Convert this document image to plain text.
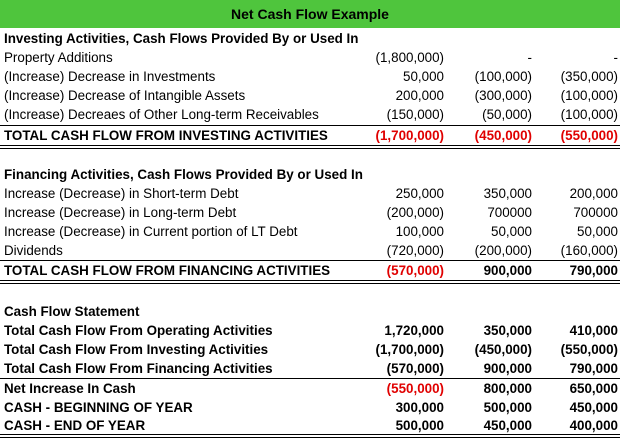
Net Cash Flow Example
Investing Activities, Cash Flows Provided By or Used In
Property Additions	(1,800,000)	-	-
(Increase) Decrease in Investments	50,000 (100,000) (350,000)
(Increase) Decrease of Intangible Assets	200,000 (300,000) (100,000)
(Increase) Decreaes of Other Long-term Receivables	(150,000)	(50,000) (100,000)
TOTAL CASH FLOW FROM INVESTING ACTIVITIES	(1,700,000) (450,000) (550,000)
Financing Activities, Cash Flows Provided By or Used In
Increase (Decrease) in Short-term Debt	250,000	350,000	200,000
Increase (Decrease) in Long-term Debt	(200,000)	700000	700000
Increase (Decrease) in Current portion of LT Debt	100,000	50,000	50,000
Dividends	(720,000) (200,000) (160,000)
TOTAL CASH FLOW FROM FINANCING ACTIVITIES	(570,000)	900,000	790,000
Cash Flow Statement
Total Cash Flow From Operating Activities	1,720,000	350,000	410,000
Total Cash Flow From Investing Activities	(1,700,000) (450,000) (550,000)
Total Cash Flow From Financing Activities	(570,000)	900,000	790,000
Net Increase In Cash	(550,000)	800,000	650,000
CASH - BEGINNING OF YEAR	300,000	500,000	450,000
CASH - END OF YEAR	500,000	450,000	400,000
